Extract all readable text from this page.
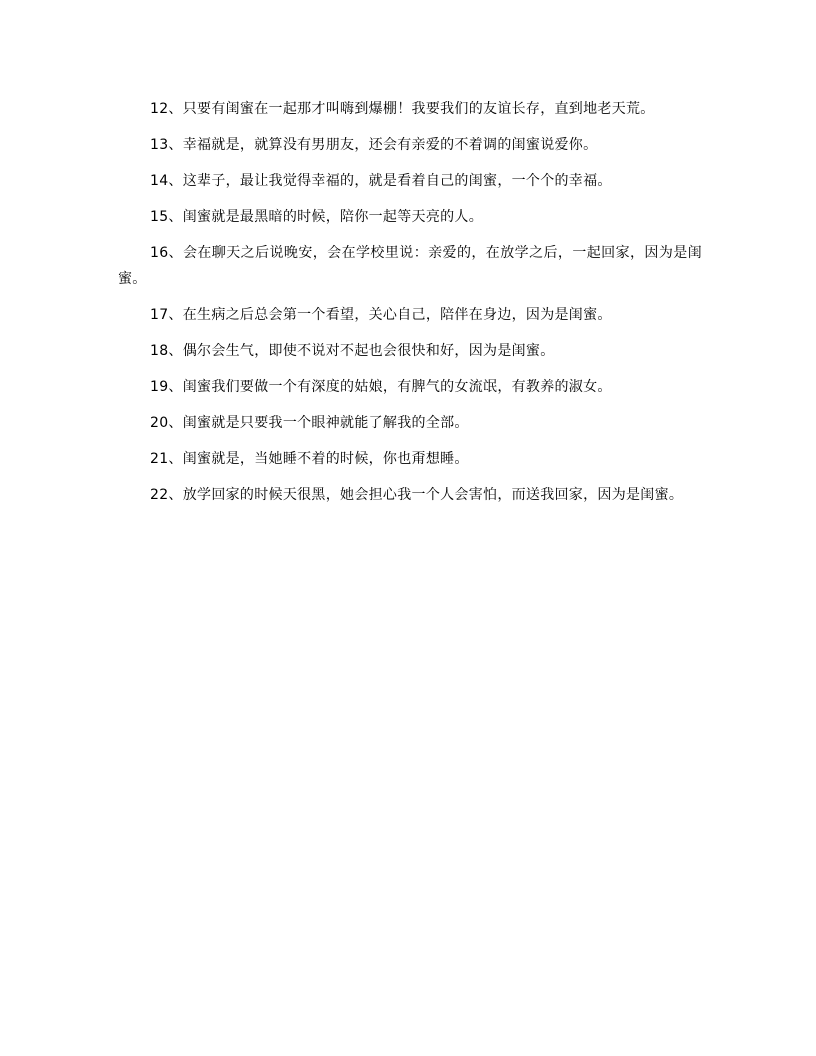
12、只要有闺蜜在一起那才叫嗨到爆棚！我要我们的友谊长存，直到地老天荒。

13、幸福就是，就算没有男朋友，还会有亲爱的不着调的闺蜜说爱你。

14、这辈子，最让我觉得幸福的，就是看着自己的闺蜜，一个个的幸福。

15、闺蜜就是最黑暗的时候，陪你一起等天亮的人。

16、会在聊天之后说晚安，会在学校里说：亲爱的，在放学之后，一起回家，因为是闺蜜。

17、在生病之后总会第一个看望，关心自己，陪伴在身边，因为是闺蜜。

18、偶尔会生气，即使不说对不起也会很快和好，因为是闺蜜。

19、闺蜜我们要做一个有深度的姑娘，有脾气的女流氓，有教养的淑女。

20、闺蜜就是只要我一个眼神就能了解我的全部。

21、闺蜜就是，当她睡不着的时候，你也甭想睡。

22、放学回家的时候天很黑，她会担心我一个人会害怕，而送我回家，因为是闺蜜。
